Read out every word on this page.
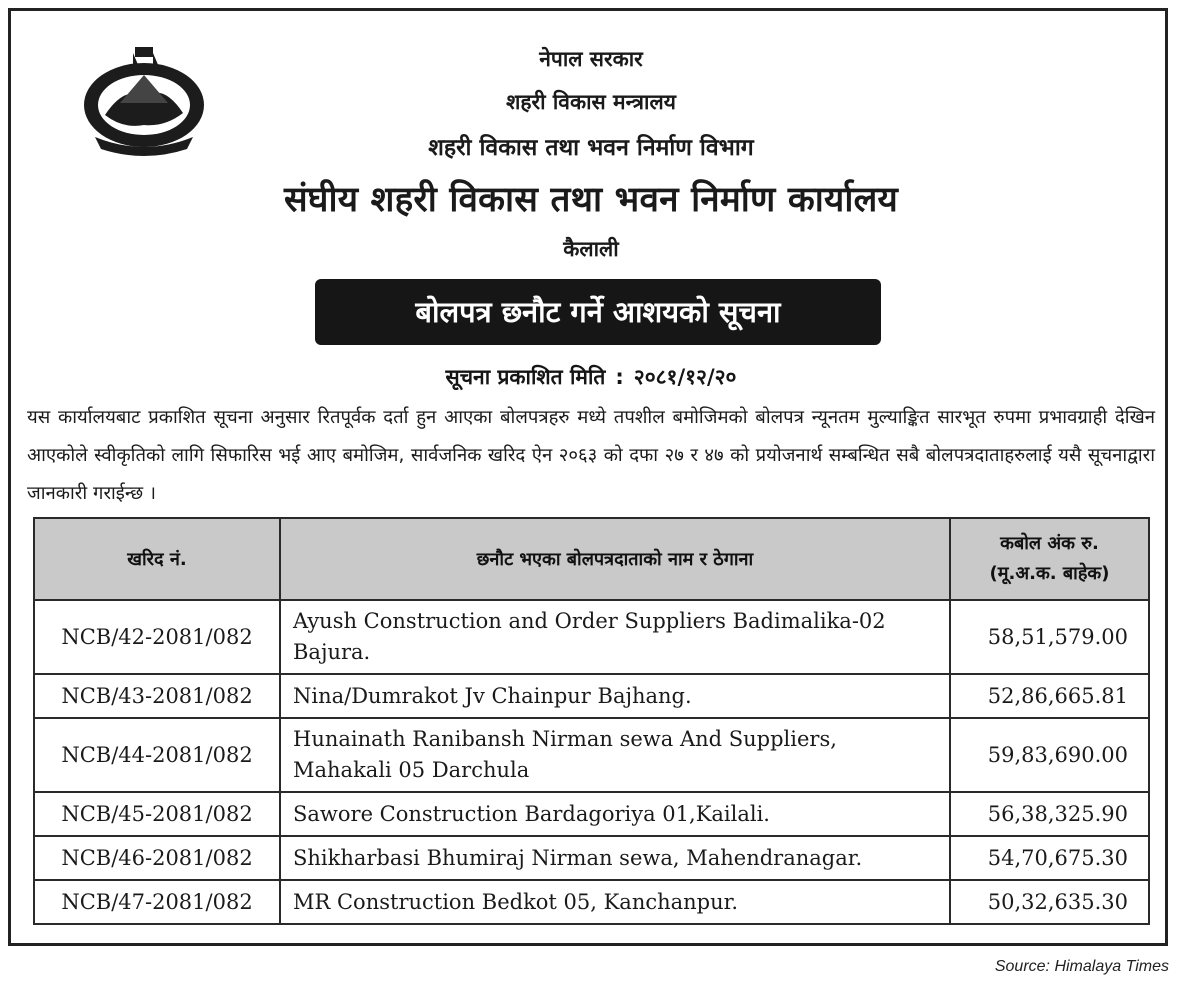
नेपाल सरकार
शहरी विकास मन्त्रालय
शहरी विकास तथा भवन निर्माण विभाग
संघीय शहरी विकास तथा भवन निर्माण कार्यालय
कैलाली
बोलपत्र छनौट गर्ने आशयको सूचना
सूचना प्रकाशित मिति : २०८१/१२/२०
यस कार्यालयबाट प्रकाशित सूचना अनुसार रितपूर्वक दर्ता हुन आएका बोलपत्रहरु मध्ये तपशील बमोजिमको बोलपत्र न्यूनतम मुल्याङ्कित सारभूत रुपमा प्रभावग्राही देखिन आएकोले स्वीकृतिको लागि सिफारिस भई आए बमोजिम, सार्वजनिक खरिद ऐन २०६३ को दफा २७ र ४७ को प्रयोजनार्थ सम्बन्धित सबै बोलपत्रदाताहरुलाई यसै सूचनाद्वारा जानकारी गराईन्छ ।
खरिद नं.	छनौट भएका बोलपत्रदाताको नाम र ठेगाना	कबोल अंक रु.
(मू.अ.क. बाहेक)

NCB/42-2081/082	Ayush Construction and Order Suppliers Badimalika-02 Bajura.	58,51,579.00
NCB/43-2081/082	Nina/Dumrakot Jv Chainpur Bajhang.	52,86,665.81
NCB/44-2081/082	Hunainath Ranibansh Nirman sewa And Suppliers, Mahakali 05 Darchula	59,83,690.00
NCB/45-2081/082	Sawore Construction Bardagoriya 01,Kailali.	56,38,325.90
NCB/46-2081/082	Shikharbasi Bhumiraj Nirman sewa, Mahendranagar.	54,70,675.30
NCB/47-2081/082	MR Construction Bedkot 05, Kanchanpur.	50,32,635.30
Source: Himalaya Times
